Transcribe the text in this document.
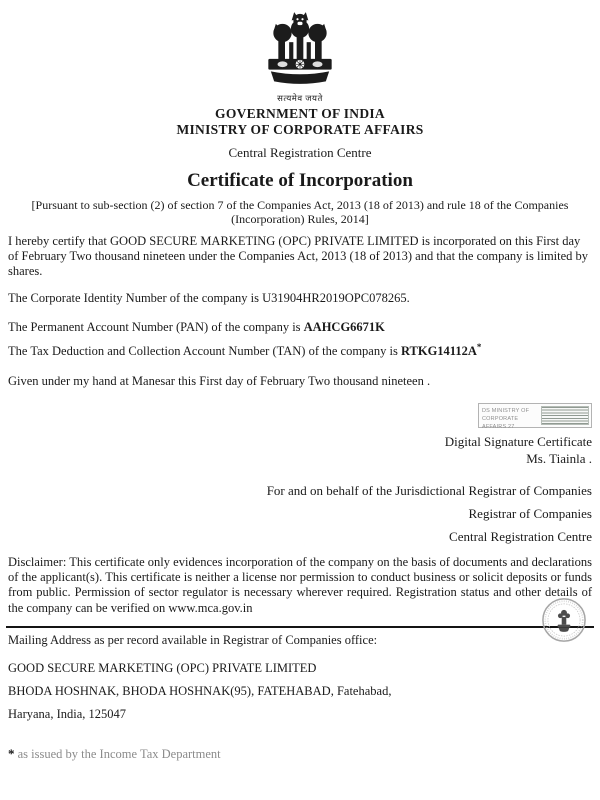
सत्यमेव जयते
GOVERNMENT OF INDIA
MINISTRY OF CORPORATE AFFAIRS
Central Registration Centre
Certificate of Incorporation

[Pursuant to sub-section (2) of section 7 of the Companies Act, 2013 (18 of 2013) and rule 18 of the Companies (Incorporation) Rules, 2014]

I hereby certify that GOOD SECURE MARKETING (OPC) PRIVATE LIMITED is incorporated on this First day of February Two thousand nineteen under the Companies Act, 2013 (18 of 2013) and that the company is limited by shares.

The Corporate Identity Number of the company is U31904HR2019OPC078265.

The Permanent Account Number (PAN) of the company is AAHCG6671K

The Tax Deduction and Collection Account Number (TAN) of the company is RTKG14112A*

Given under my hand at Manesar this First day of February Two thousand nineteen .

DS MINISTRY OF CORPORATE AFFAIRS 27
Digital Signature Certificate
Ms. Tiainla .
For and on behalf of the Jurisdictional Registrar of Companies
Registrar of Companies
Central Registration Centre

Disclaimer: This certificate only evidences incorporation of the company on the basis of documents and declarations of the applicant(s). This certificate is neither a license nor permission to conduct business or solicit deposits or funds from public. Permission of sector regulator is necessary wherever required. Registration status and other details of the company can be verified on www.mca.gov.in

Mailing Address as per record available in Registrar of Companies office:

GOOD SECURE MARKETING (OPC) PRIVATE LIMITED
BHODA HOSHNAK, BHODA HOSHNAK(95), FATEHABAD, Fatehabad,
Haryana, India, 125047

* as issued by the Income Tax Department
